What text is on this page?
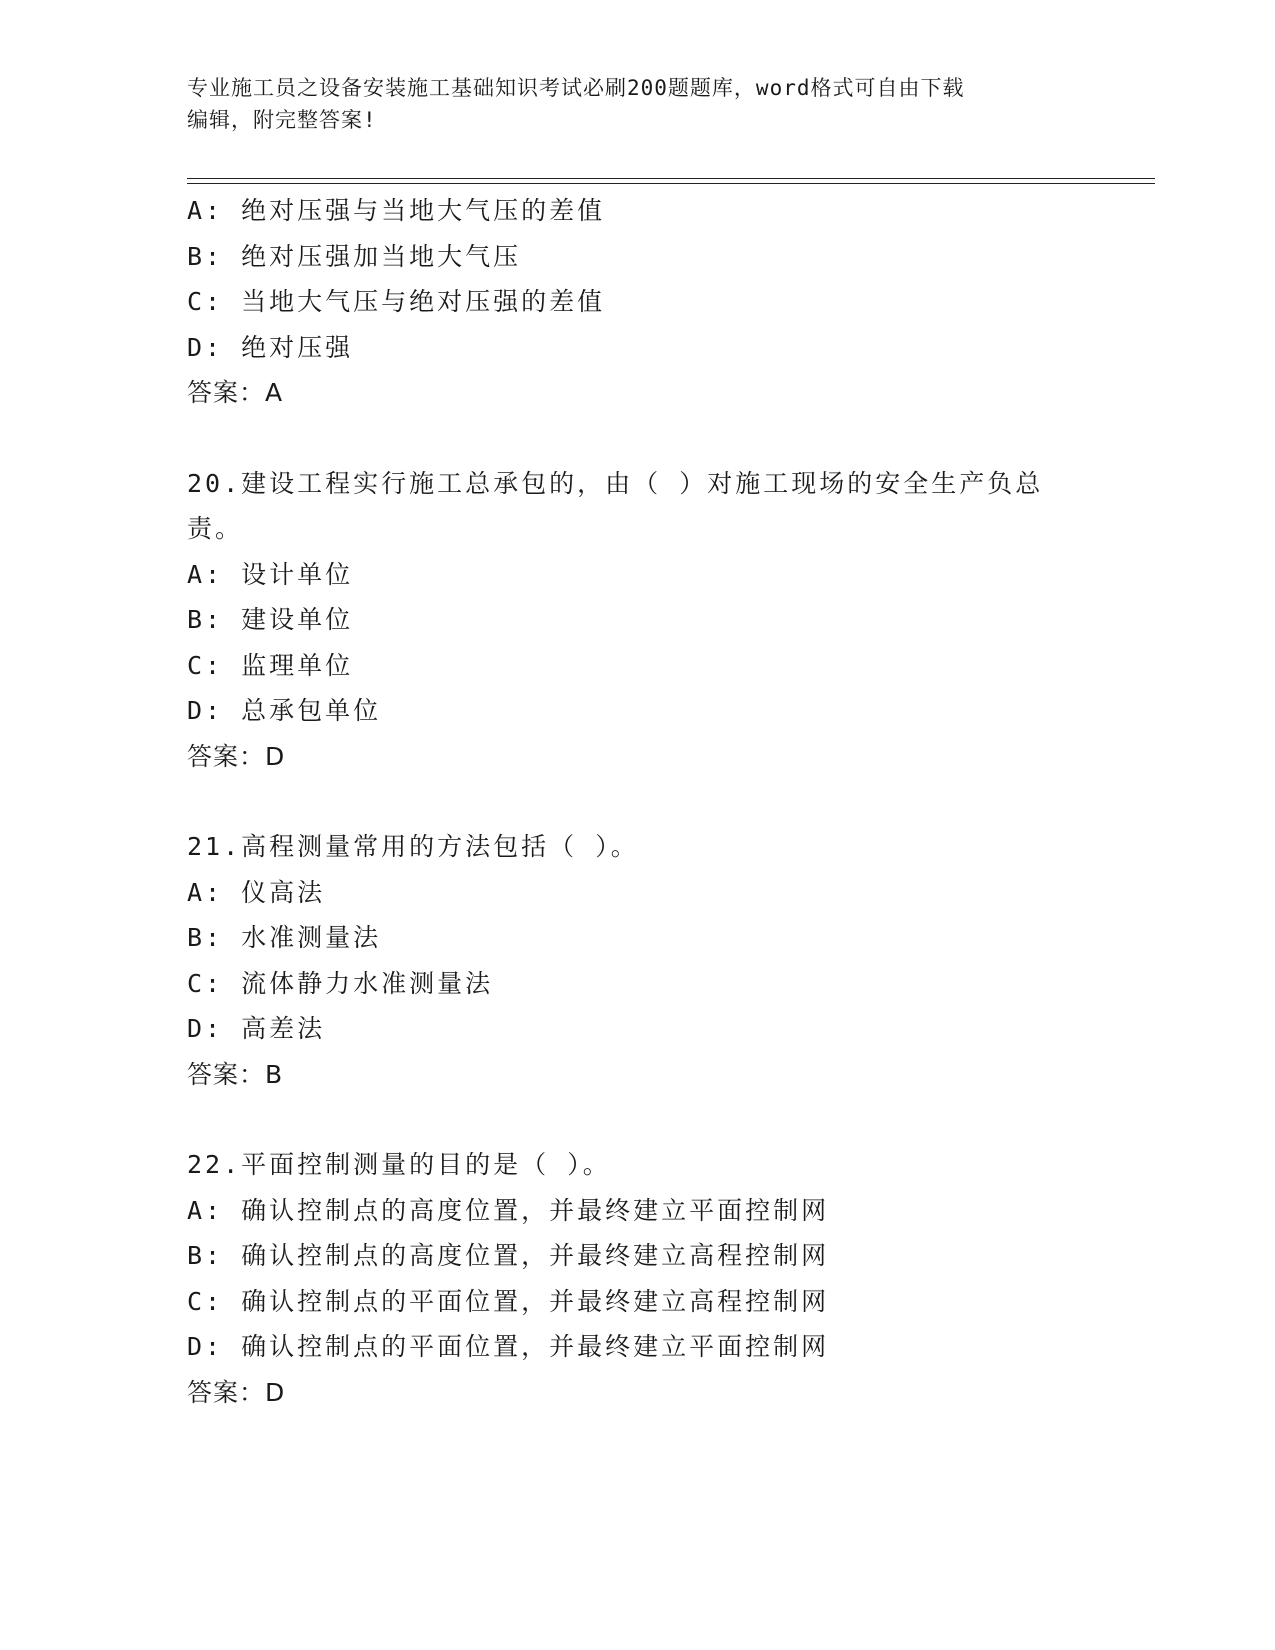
专业施工员之设备安装施工基础知识考试必刷200题题库，word格式可自由下载
编辑，附完整答案!
A: 绝对压强与当地大气压的差值
B: 绝对压强加当地大气压
C: 当地大气压与绝对压强的差值
D: 绝对压强
答案：A
20.建设工程实行施工总承包的，由（ ）对施工现场的安全生产负总
责。
A: 设计单位
B: 建设单位
C: 监理单位
D: 总承包单位
答案：D
21.高程测量常用的方法包括（ ）。
A: 仪高法
B: 水准测量法
C: 流体静力水准测量法
D: 高差法
答案：B
22.平面控制测量的目的是（ ）。
A: 确认控制点的高度位置，并最终建立平面控制网
B: 确认控制点的高度位置，并最终建立高程控制网
C: 确认控制点的平面位置，并最终建立高程控制网
D: 确认控制点的平面位置，并最终建立平面控制网
答案：D
